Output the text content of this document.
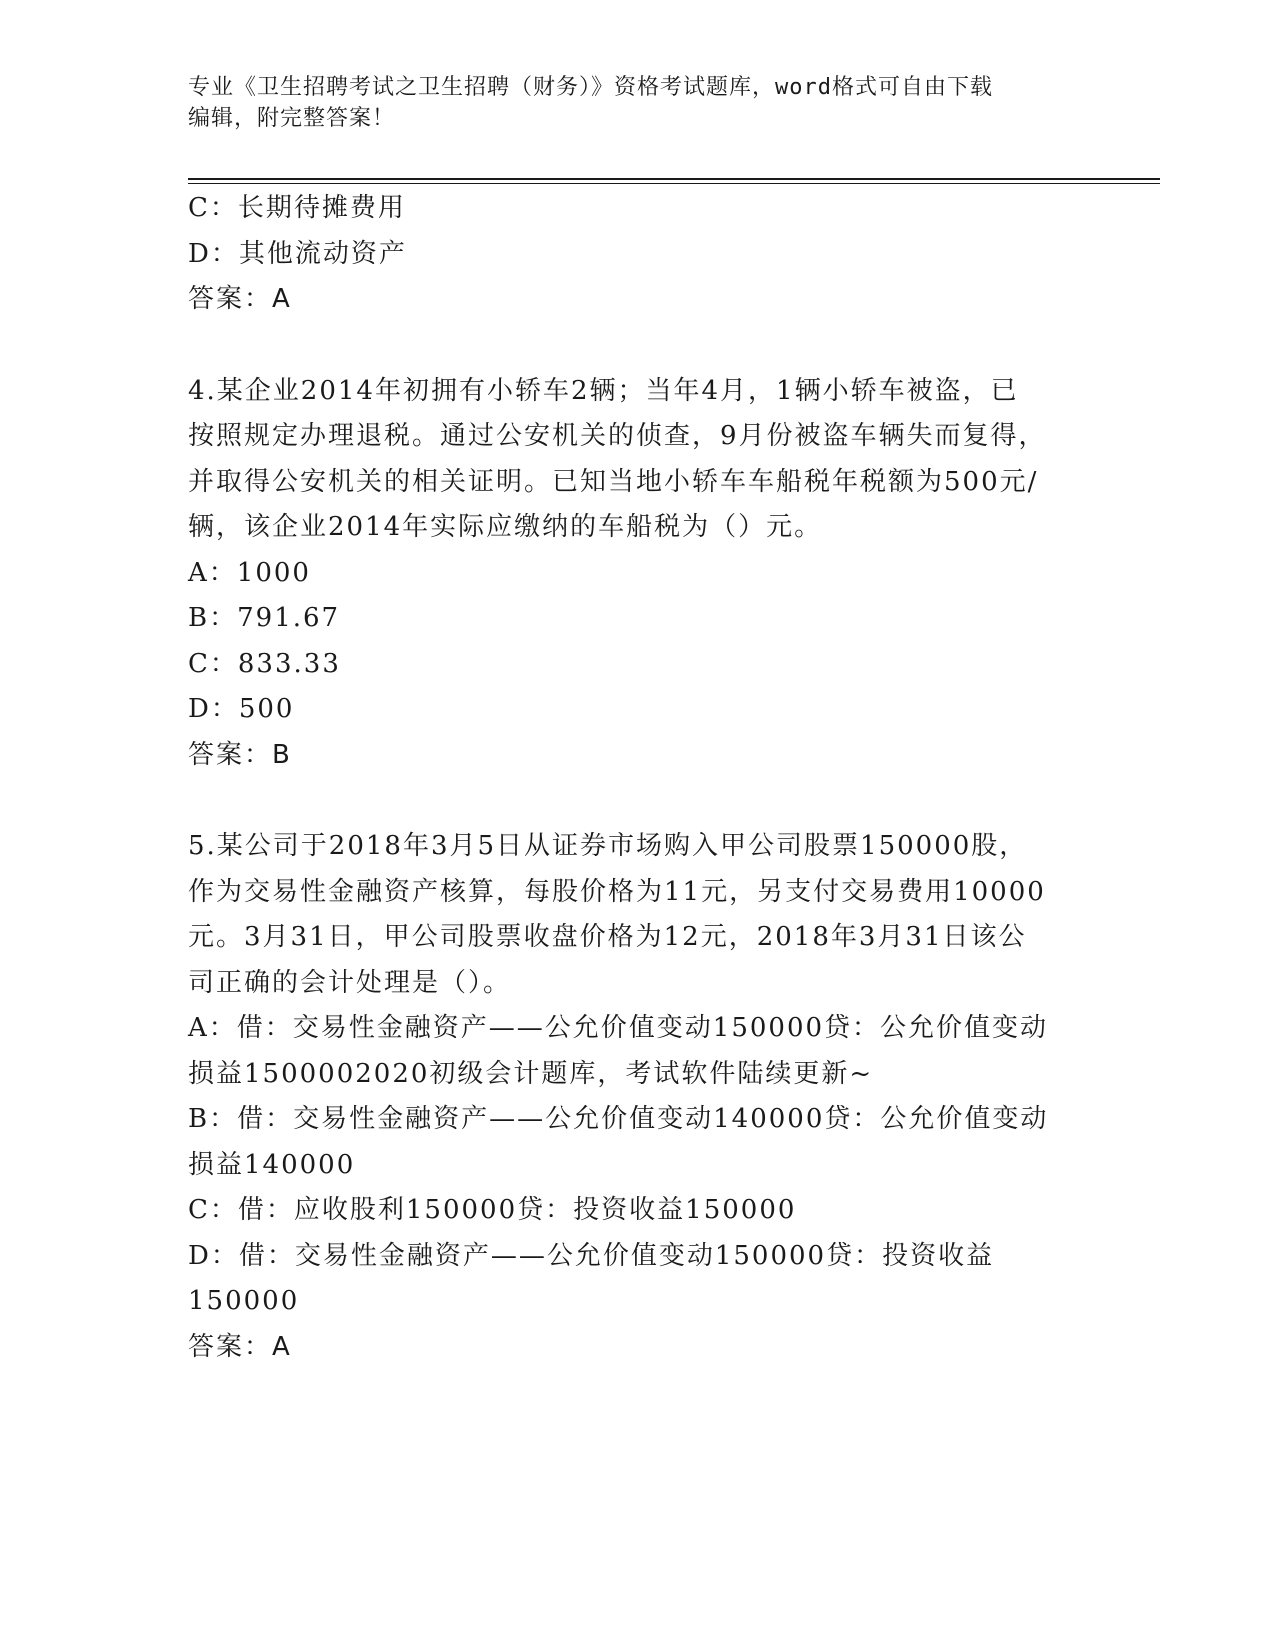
专业《卫生招聘考试之卫生招聘（财务）》资格考试题库，word格式可自由下载
编辑，附完整答案！
C：长期待摊费用
D：其他流动资产
答案：A
4.某企业2014年初拥有小轿车2辆；当年4月，1辆小轿车被盗，已
按照规定办理退税。通过公安机关的侦查，9月份被盗车辆失而复得，
并取得公安机关的相关证明。已知当地小轿车车船税年税额为500元/
辆，该企业2014年实际应缴纳的车船税为（）元。
A：1000
B：791.67
C：833.33
D：500
答案：B
5.某公司于2018年3月5日从证券市场购入甲公司股票150000股，
作为交易性金融资产核算，每股价格为11元，另支付交易费用10000
元。3月31日，甲公司股票收盘价格为12元，2018年3月31日该公
司正确的会计处理是（）。
A：借：交易性金融资产——公允价值变动150000贷：公允价值变动
损益1500002020初级会计题库，考试软件陆续更新~
B：借：交易性金融资产——公允价值变动140000贷：公允价值变动
损益140000
C：借：应收股利150000贷：投资收益150000
D：借：交易性金融资产——公允价值变动150000贷：投资收益
150000
答案：A
